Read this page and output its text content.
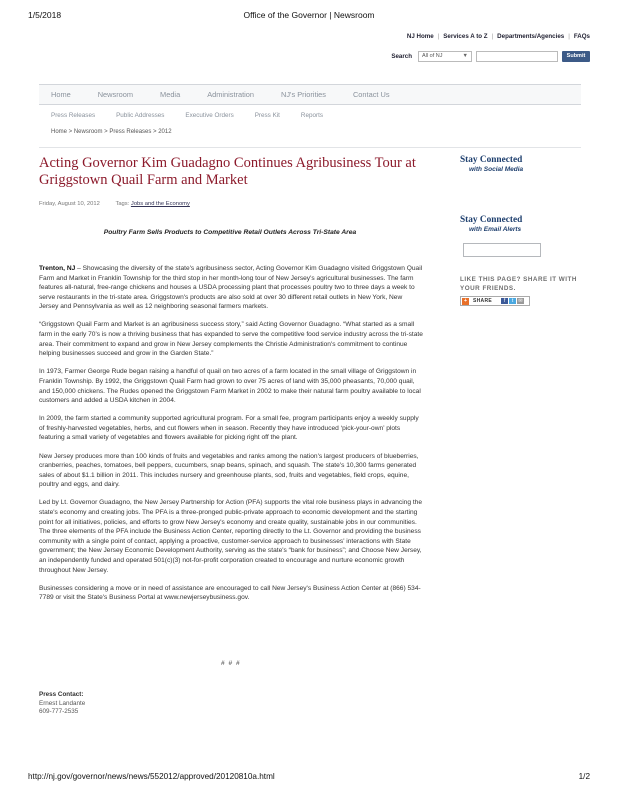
1/5/2018	Office of the Governor | Newsroom
NJ Home | Services A to Z | Departments/Agencies | FAQs
Search	All of NJ	▼	Submit
Home	Newsroom	Media	Administration	NJ's Priorities	Contact Us
Press Releases	Public Addresses	Executive Orders	Press Kit	Reports
Home > Newsroom > Press Releases > 2012
Acting Governor Kim Guadagno Continues Agribusiness Tour at Griggstown Quail Farm and Market
Friday, August 10, 2012	Tags: Jobs and the Economy
Poultry Farm Sells Products to Competitive Retail Outlets Across Tri-State Area

Trenton, NJ – Showcasing the diversity of the state's agribusiness sector, Acting Governor Kim Guadagno visited Griggstown Quail Farm and Market in Franklin Township for the third stop in her month-long tour of New Jersey's agricultural businesses. The farm features all-natural, free-range chickens and houses a USDA processing plant that processes poultry two to three days a week to serve restaurants in the tri-state area. Griggstown's products are also sold at over 30 different retail outlets in New York, New Jersey and Pennsylvania as well as 12 neighboring seasonal farmers markets.

“Griggstown Quail Farm and Market is an agribusiness success story,” said Acting Governor Guadagno. “What started as a small farm in the early 70's is now a thriving business that has expanded to serve the competitive food service industry across the tri-state area. Their commitment to expand and grow in New Jersey complements the Christie Administration's commitment to continue helping businesses succeed and grow in the Garden State.”

In 1973, Farmer George Rude began raising a handful of quail on two acres of a farm located in the small village of Griggstown in Franklin Township. By 1992, the Griggstown Quail Farm had grown to over 75 acres of land with 35,000 pheasants, 70,000 quail, and 150,000 chickens. The Rudes opened the Griggstown Farm Market in 2002 to make their natural farm poultry available to local customers and added a USDA kitchen in 2004.

In 2009, the farm started a community supported agricultural program. For a small fee, program participants enjoy a weekly supply of freshly-harvested vegetables, herbs, and cut flowers when in season. Recently they have introduced ‘pick-your-own’ plots featuring a small variety of vegetables and flowers available for picking right off the plant.

New Jersey produces more than 100 kinds of fruits and vegetables and ranks among the nation's largest producers of blueberries, cranberries, peaches, tomatoes, bell peppers, cucumbers, snap beans, spinach, and squash. The state's 10,300 farms generated sales of about $1.1 billion in 2011. This includes nursery and greenhouse plants, sod, fruits and vegetables, field crops, equine, poultry and eggs, and dairy.

Led by Lt. Governor Guadagno, the New Jersey Partnership for Action (PFA) supports the vital role business plays in advancing the state's economy and creating jobs. The PFA is a three-pronged public-private approach to economic development and the starting point for all initiatives, policies, and efforts to grow New Jersey's economy and create quality, sustainable jobs in our communities. The three elements of the PFA include the Business Action Center, reporting directly to the Lt. Governor and providing the business community with a single point of contact, applying a proactive, customer-service approach to businesses' interactions with State government; the New Jersey Economic Development Authority, serving as the state's “bank for business”; and Choose New Jersey, an independently funded and operated 501(c)(3) not-for-profit corporation created to encourage and nurture economic growth throughout New Jersey.

Businesses considering a move or in need of assistance are encouraged to call New Jersey's Business Action Center at (866) 534-7789 or visit the State's Business Portal at www.newjerseybusiness.gov.

# # #
Press Contact:
Ernest Landante
609-777-2535
Stay Connected
with Social Media
Stay Connected
with Email Alerts
LIKE THIS PAGE? SHARE IT WITH YOUR FRIENDS.
+	SHARE	f	t	✉
http://nj.gov/governor/news/news/552012/approved/20120810a.html	1/2
